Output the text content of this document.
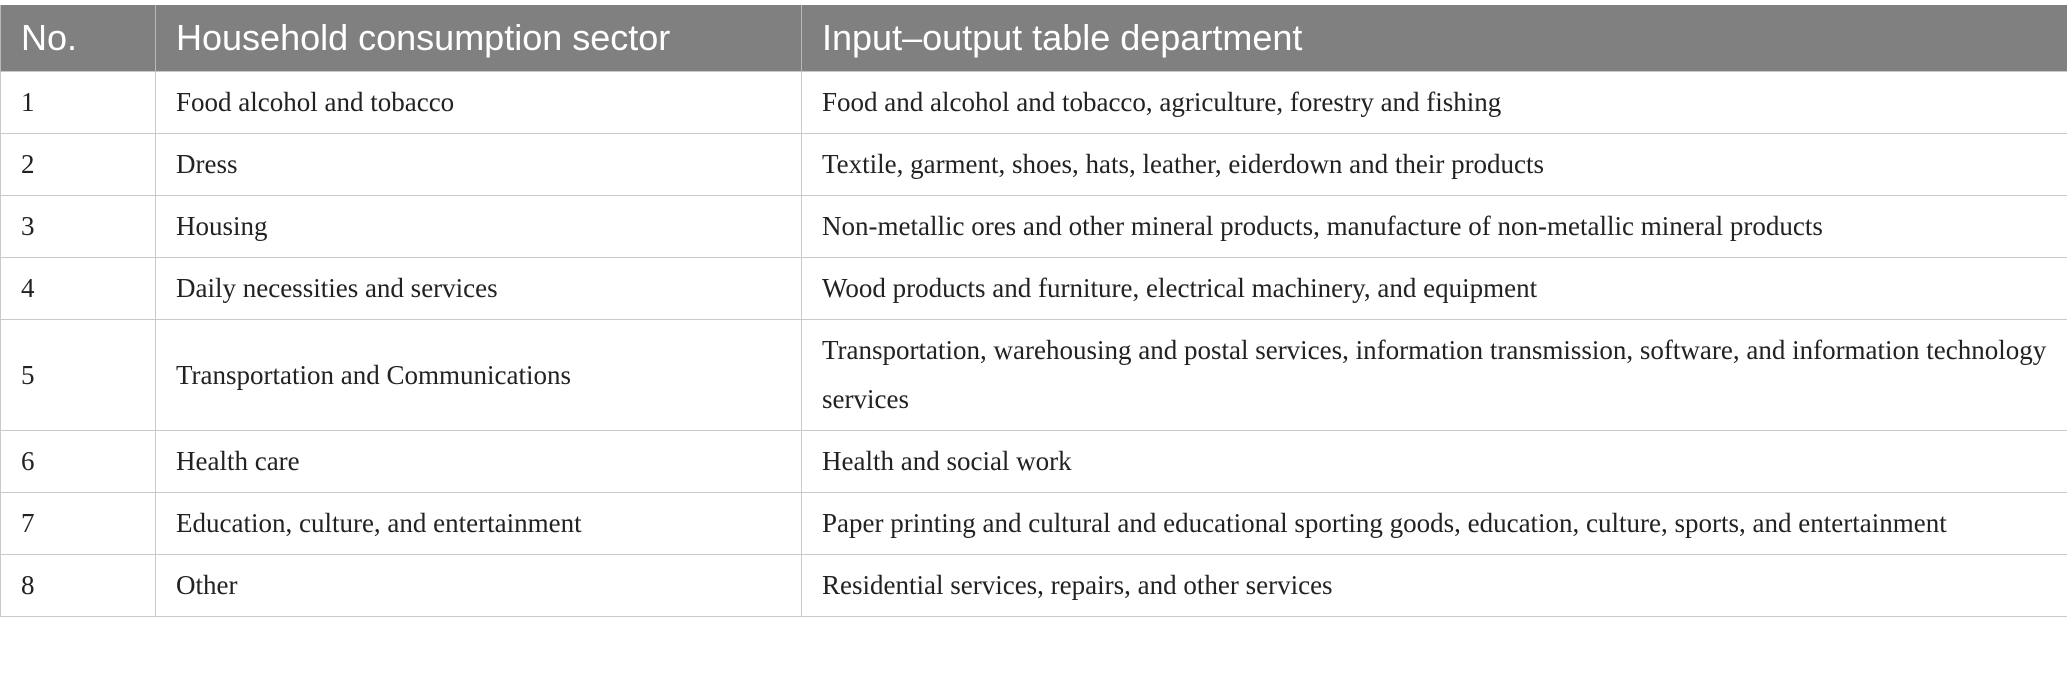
No.	Household consumption sector	Input–output table department
1	Food alcohol and tobacco	Food and alcohol and tobacco, agriculture, forestry and fishing
2	Dress	Textile, garment, shoes, hats, leather, eiderdown and their products
3	Housing	Non-metallic ores and other mineral products, manufacture of non-metallic mineral products
4	Daily necessities and services	Wood products and furniture, electrical machinery, and equipment
5	Transportation and Communications	Transportation, warehousing and postal services, information transmission, software, and information technology services
6	Health care	Health and social work
7	Education, culture, and entertainment	Paper printing and cultural and educational sporting goods, education, culture, sports, and entertainment
8	Other	Residential services, repairs, and other services
